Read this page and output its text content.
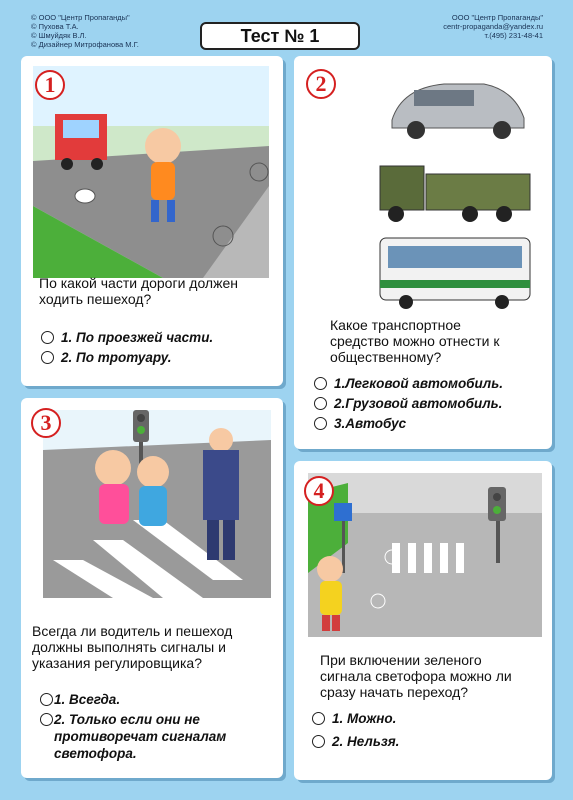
© ООО "Центр Пропаганды"
© Пухова Т.А.
© Шмуйдяк В.Л.
© Дизайнер Митрофанова М.Г.	Тест № 1
ООО "Центр Пропаганды"
centr-propaganda@yandex.ru
т.(495) 231-48-41
1
По какой части дороги должен
ходить пешеход?
1. По проезжей части.
2. По тротуару.
2
Какое транспортное
средство можно отнести к
общественному?
1.Легковой автомобиль.
2.Грузовой автомобиль.
3.Автобус
3
Всегда ли водитель и пешеход
должны выполнять сигналы и
указания регулировщика?
1. Всегда.
2. Только если они не противоречат сигналам светофора.
4
При включении зеленого
сигнала светофора можно ли
сразу начать переход?
1. Можно.
2. Нельзя.
